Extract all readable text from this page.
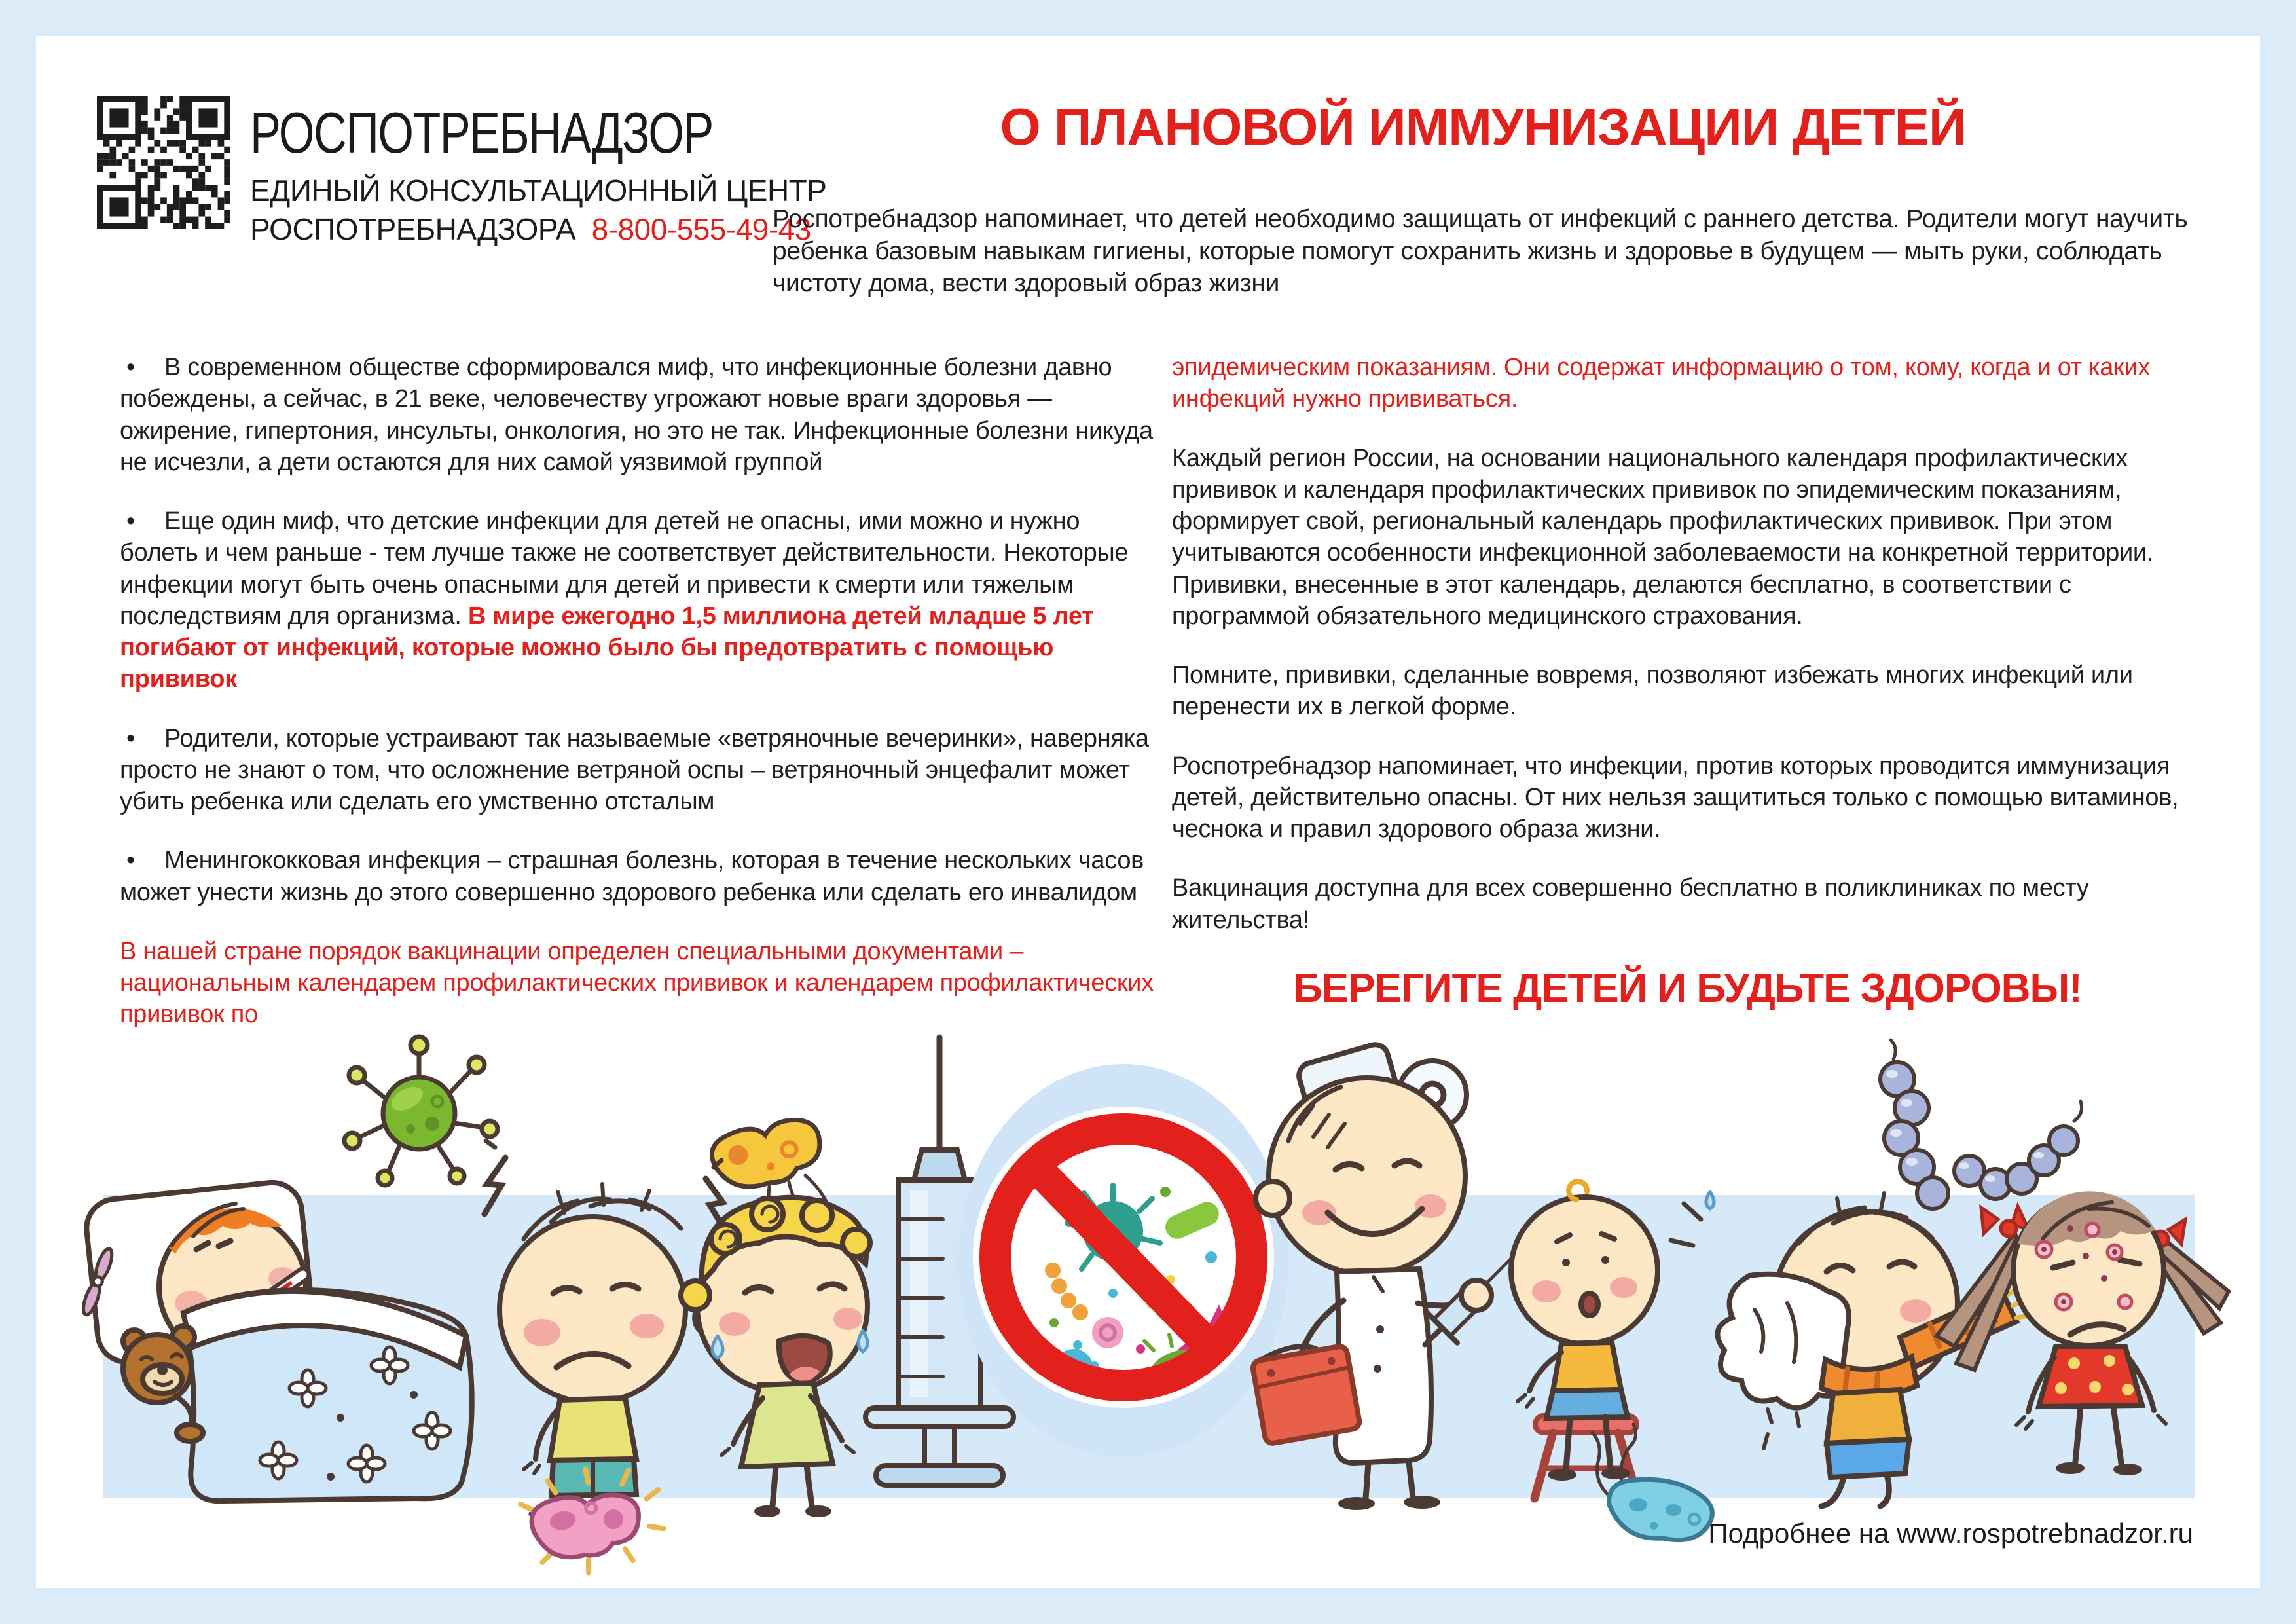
РОСПОТРЕБНАДЗОР
ЕДИНЫЙ КОНСУЛЬТАЦИОННЫЙ ЦЕНТР
РОСПОТРЕБНАДЗОРА 8-800-555-49-43
О ПЛАНОВОЙ ИММУНИЗАЦИИ ДЕТЕЙ
Роспотребнадзор напоминает, что детей необходимо защищать от инфекций с раннего детства. Родители могут научить ребенка базовым навыкам гигиены, которые помогут сохранить жизнь и здоровье в будущем — мыть руки, соблюдать чистоту дома, вести здоровый образ жизни

• В современном обществе сформировался миф, что инфекционные болезни давно побеждены, а сейчас, в 21 веке, человечеству угрожают новые враги здоровья — ожирение, гипертония, инсульты, онкология, но это не так. Инфекционные болезни никуда не исчезли, а дети остаются для них самой уязвимой группой

• Еще один миф, что детские инфекции для детей не опасны, ими можно и нужно болеть и чем раньше - тем лучше также не соответствует действительности. Некоторые инфекции могут быть очень опасными для детей и привести к смерти или тяжелым последствиям для организма. В мире ежегодно 1,5 миллиона детей младше 5 лет погибают от инфекций, которые можно было бы предотвратить с помощью прививок

• Родители, которые устраивают так называемые «ветряночные вечеринки», наверняка просто не знают о том, что осложнение ветряной оспы – ветряночный энцефалит может убить ребенка или сделать его умственно отсталым

• Менингококковая инфекция – страшная болезнь, которая в течение нескольких часов может унести жизнь до этого совершенно здорового ребенка или сделать его инвалидом

В нашей стране порядок вакцинации определен специальными документами – национальным календарем профилактических прививок и календарем профилактических прививок по

эпидемическим показаниям. Они содержат информацию о том, кому, когда и от каких инфекций нужно прививаться.

Каждый регион России, на основании национального календаря профилактических прививок и календаря профилактических прививок по эпидемическим показаниям, формирует свой, региональный календарь профилактических прививок. При этом учитываются особенности инфекционной заболеваемости на конкретной территории. Прививки, внесенные в этот календарь, делаются бесплатно, в соответствии с программой обязательного медицинского страхования.

Помните, прививки, сделанные вовремя, позволяют избежать многих инфекций или перенести их в легкой форме.

Роспотребнадзор напоминает, что инфекции, против которых проводится иммунизация детей, действительно опасны. От них нельзя защититься только с помощью витаминов, чеснока и правил здорового образа жизни.

Вакцинация доступна для всех совершенно бесплатно в поликлиниках по месту жительства!

БЕРЕГИТЕ ДЕТЕЙ И БУДЬТЕ ЗДОРОВЫ!
Подробнее на www.rospotrebnadzor.ru
